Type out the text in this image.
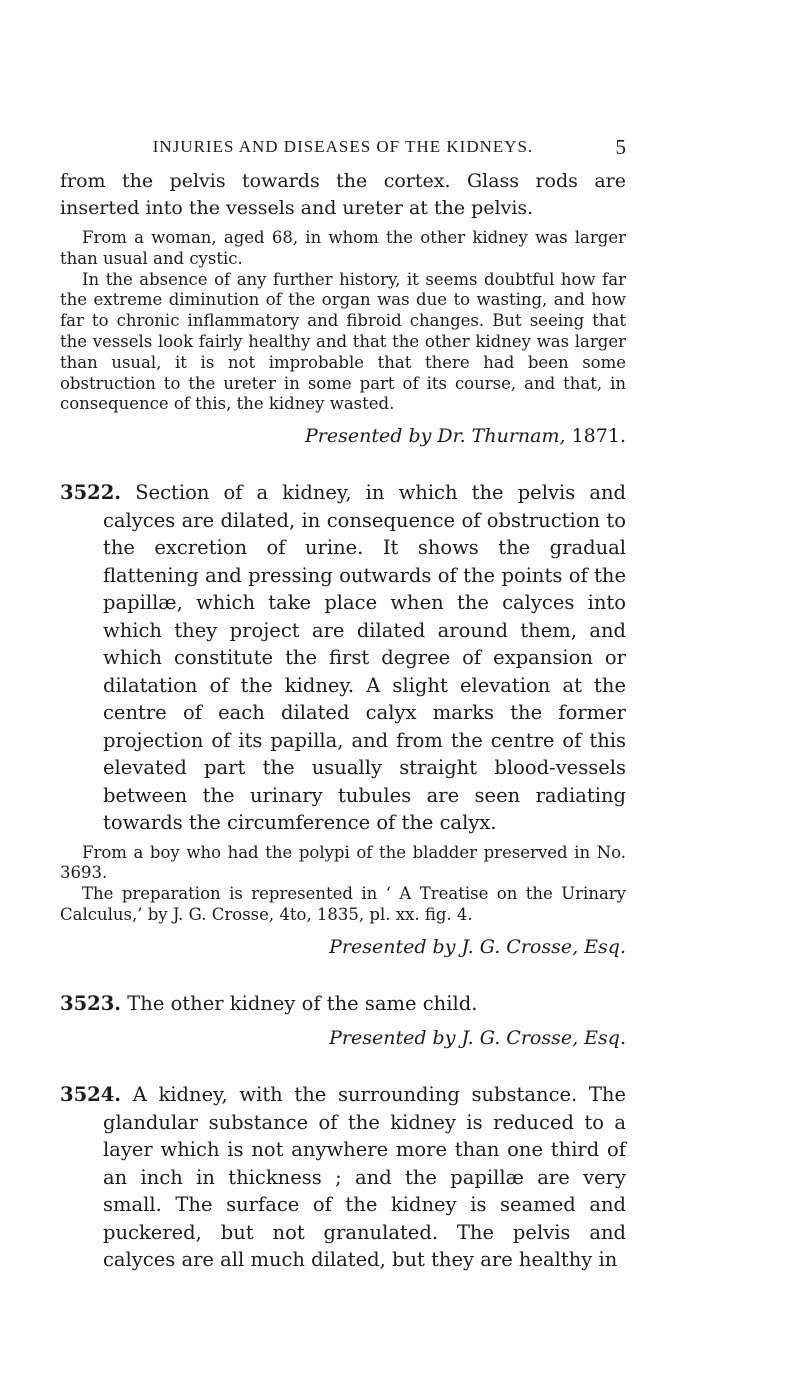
INJURIES AND DISEASES OF THE KIDNEYS.	5

from the pelvis towards the cortex. Glass rods are inserted into the vessels and ureter at the pelvis.

From a woman, aged 68, in whom the other kidney was larger than usual and cystic.

In the absence of any further history, it seems doubtful how far the extreme diminution of the organ was due to wasting, and how far to chronic inflammatory and fibroid changes. But seeing that the vessels look fairly healthy and that the other kidney was larger than usual, it is not improbable that there had been some obstruction to the ureter in some part of its course, and that, in consequence of this, the kidney wasted.

Presented by Dr. Thurnam, 1871.

3522. Section of a kidney, in which the pelvis and calyces are dilated, in consequence of obstruction to the excretion of urine. It shows the gradual flattening and pressing outwards of the points of the papillæ, which take place when the calyces into which they project are dilated around them, and which constitute the first degree of expansion or dilatation of the kidney. A slight elevation at the centre of each dilated calyx marks the former projection of its papilla, and from the centre of this elevated part the usually straight blood-vessels between the urinary tubules are seen radiating towards the circumference of the calyx.

From a boy who had the polypi of the bladder preserved in No. 3693.

The preparation is represented in ‘ A Treatise on the Urinary Calculus,’ by J. G. Crosse, 4to, 1835, pl. xx. fig. 4.

Presented by J. G. Crosse, Esq.

3523. The other kidney of the same child.

Presented by J. G. Crosse, Esq.

3524. A kidney, with the surrounding substance. The glandular substance of the kidney is reduced to a layer which is not anywhere more than one third of an inch in thickness ; and the papillæ are very small. The surface of the kidney is seamed and puckered, but not granulated. The pelvis and calyces are all much dilated, but they are healthy in
